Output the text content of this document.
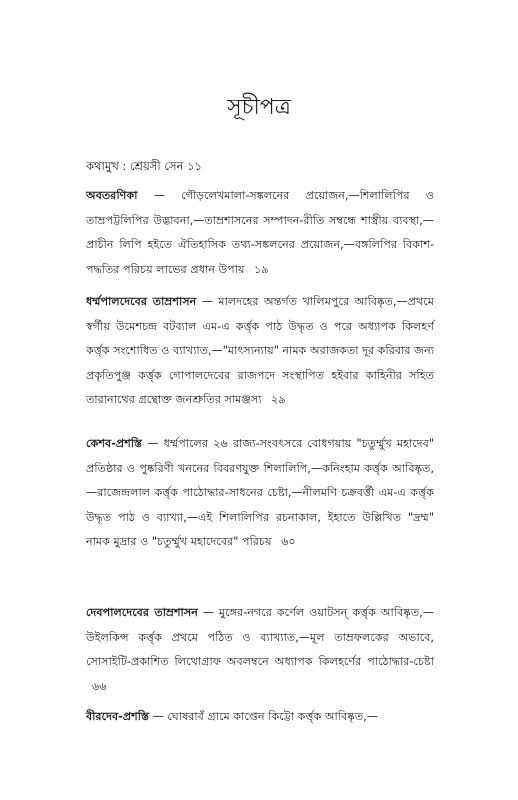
সূচীপত্র
কথামুখ : শ্রেয়সী সেন ১১
অবতরণিকা — গৌড়লেখমালা-সঙ্কলনের প্রয়োজন,—শিলালিপির ও তাম্রপট্টলিপির উদ্ভাবনা,—তাম্রশাসনের সম্পাদন-রীতি সম্বন্ধে শাস্ত্রীয় ব্যবস্থা,—প্রাচীন লিপি হইতে ঐতিহাসিক তথ্য-সঙ্কলনের প্রয়োজন,—বঙ্গলিপির বিকাশ-পদ্ধতির পরিচয় লাভের প্রধান উপায় ১৯
ধর্ম্মপালদেবের তাম্রশাসন — মালদহের অন্তর্গত খালিমপুরে আবিষ্কৃত,—প্রথমে স্বর্গীয় উমেশচন্দ্র বটব্যাল এম-এ কর্ত্তৃক পাঠ উদ্ধৃত ও পরে অধ্যাপক কিলহর্ণ কর্ত্তৃক সংশোধিত ও ব্যাখ্যাত,—"মাৎস্যন্যায়" নামক অরাজকতা দূর করিবার জন্য প্রকৃতিপুঞ্জ কর্ত্তৃক গোপালদেবের রাজপদে সংস্থাপিত হইবার কাহিনীর সহিত তারানাথের গ্রন্থোক্ত জনশ্রুতির সামঞ্জস্য ২৯
কেশব-প্রশস্তি — ধর্ম্মপালের ২৬ রাজ্য-সংবৎসরে বোধগয়ায় "চতুর্ম্মুখ মহাদেব" প্রতিষ্ঠার ও পুষ্করিণী খননের বিবরণযুক্ত শিলালিপি,—কনিংহাম কর্ত্তৃক আবিষ্কৃত,—রাজেন্দ্রলাল কর্ত্তৃক পাঠোদ্ধার-সাধনের চেষ্টা,—নীলমণি চক্রবর্ত্তী এম-এ কর্ত্তৃক উদ্ধৃত পাঠ ও ব্যাখ্যা,—এই শিলালিপির রচনাকাল, ইহাতে উল্লিখিত "দ্রম্ম" নামক মুদ্রার ও "চতুর্ম্মুখ মহাদেবের" পরিচয় ৬০
দেবপালদেবের তাম্রশাসন — মুঙ্গের-নগরে কর্ণেল ওয়াটসন্ কর্ত্তৃক আবিষ্কৃত,—উইলকিন্স কর্ত্তৃক প্রথমে পঠিত ও ব্যাখ্যাত,—মূল তাম্রফলকের অভাবে, সোসাইটি-প্রকাশিত লিথোগ্রাফ অবলম্বনে অধ্যাপক কিলহর্ণের পাঠোদ্ধার-চেষ্টা ৬৬
বীরদেব-প্রশস্তি — ঘোষরাবঁ গ্রামে কাপ্তেন কিট্টো কর্ত্তৃক আবিষ্কৃত,—
